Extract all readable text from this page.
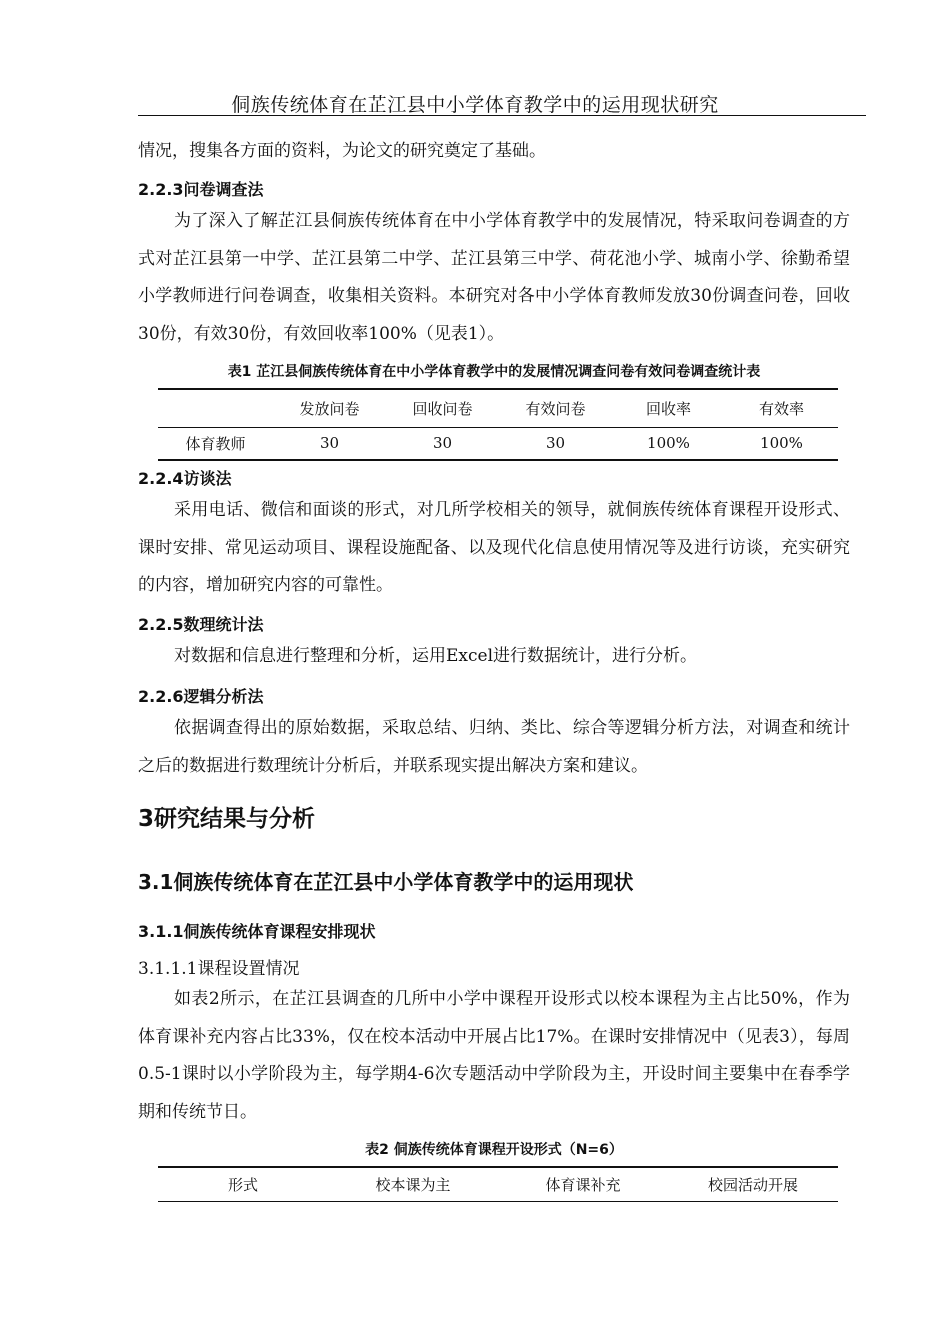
侗族传统体育在芷江县中小学体育教学中的运用现状研究
情况，搜集各方面的资料，为论文的研究奠定了基础。
2.2.3问卷调查法
为了深入了解芷江县侗族传统体育在中小学体育教学中的发展情况，特采取问卷调查的方式对芷江县第一中学、芷江县第二中学、芷江县第三中学、荷花池小学、城南小学、徐勤希望小学教师进行问卷调查，收集相关资料。本研究对各中小学体育教师发放30份调查问卷，回收30份，有效30份，有效回收率100%（见表1）。
表1 芷江县侗族传统体育在中小学体育教学中的发展情况调查问卷有效问卷调查统计表
	发放问卷	回收问卷	有效问卷	回收率	有效率
体育教师	30	30	30	100%	100%
2.2.4访谈法
采用电话、微信和面谈的形式，对几所学校相关的领导，就侗族传统体育课程开设形式、课时安排、常见运动项目、课程设施配备、以及现代化信息使用情况等及进行访谈，充实研究的内容，增加研究内容的可靠性。
2.2.5数理统计法
对数据和信息进行整理和分析，运用Excel进行数据统计，进行分析。
2.2.6逻辑分析法
依据调查得出的原始数据，采取总结、归纳、类比、综合等逻辑分析方法，对调查和统计之后的数据进行数理统计分析后，并联系现实提出解决方案和建议。
3研究结果与分析
3.1侗族传统体育在芷江县中小学体育教学中的运用现状
3.1.1侗族传统体育课程安排现状
3.1.1.1课程设置情况
如表2所示，在芷江县调查的几所中小学中课程开设形式以校本课程为主占比50%，作为体育课补充内容占比33%，仅在校本活动中开展占比17%。在课时安排情况中（见表3），每周0.5-1课时以小学阶段为主，每学期4-6次专题活动中学阶段为主，开设时间主要集中在春季学期和传统节日。
表2 侗族传统体育课程开设形式（N=6）
形式	校本课为主	体育课补充	校园活动开展
